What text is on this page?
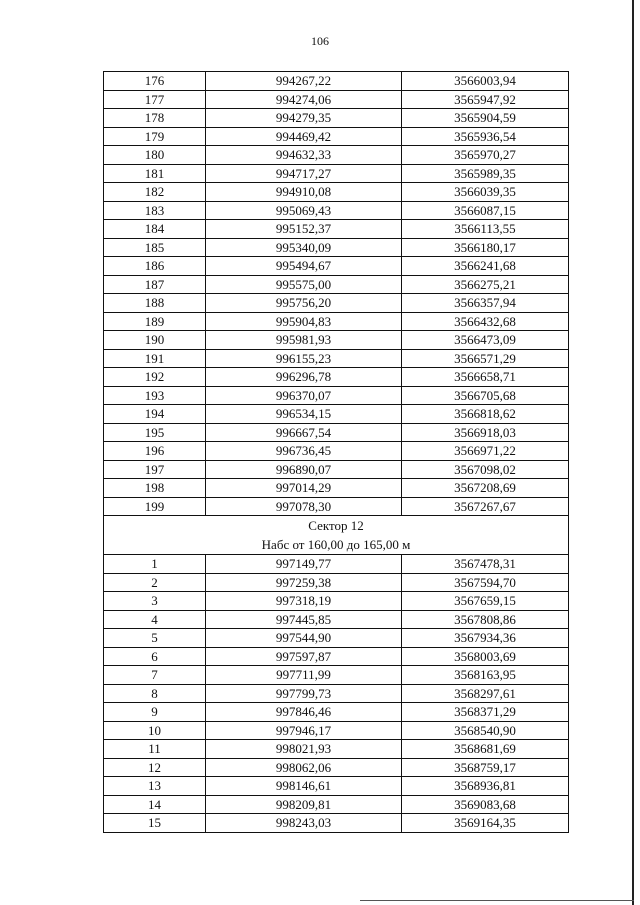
106
176	994267,22	3566003,94
177	994274,06	3565947,92
178	994279,35	3565904,59
179	994469,42	3565936,54
180	994632,33	3565970,27
181	994717,27	3565989,35
182	994910,08	3566039,35
183	995069,43	3566087,15
184	995152,37	3566113,55
185	995340,09	3566180,17
186	995494,67	3566241,68
187	995575,00	3566275,21
188	995756,20	3566357,94
189	995904,83	3566432,68
190	995981,93	3566473,09
191	996155,23	3566571,29
192	996296,78	3566658,71
193	996370,07	3566705,68
194	996534,15	3566818,62
195	996667,54	3566918,03
196	996736,45	3566971,22
197	996890,07	3567098,02
198	997014,29	3567208,69
199	997078,30	3567267,67

Сектор 12
Набс от 160,00 до 165,00 м		

1	997149,77	3567478,31
2	997259,38	3567594,70
3	997318,19	3567659,15
4	997445,85	3567808,86
5	997544,90	3567934,36
6	997597,87	3568003,69
7	997711,99	3568163,95
8	997799,73	3568297,61
9	997846,46	3568371,29
10	997946,17	3568540,90
11	998021,93	3568681,69
12	998062,06	3568759,17
13	998146,61	3568936,81
14	998209,81	3569083,68
15	998243,03	3569164,35
